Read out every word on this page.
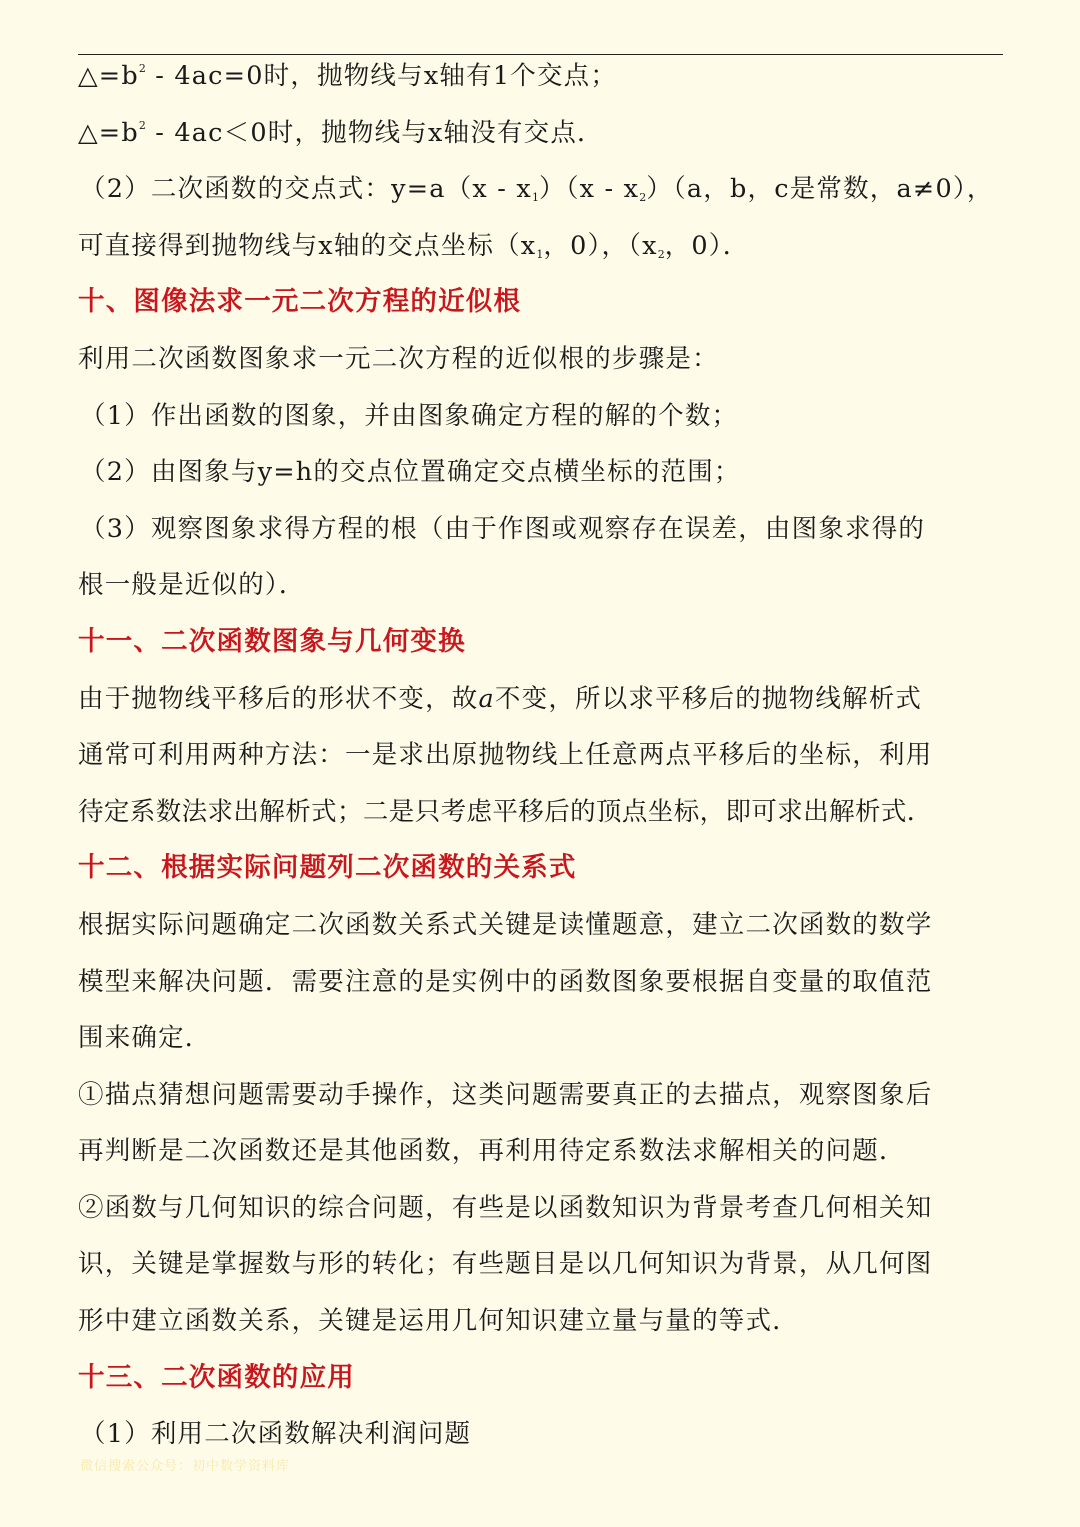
$\triangle=b^2 - 4ac=0$时，抛物线与x轴有1个交点；
$\triangle=b^2 - 4ac<0$时，抛物线与x轴没有交点．
（2）二次函数的交点式：$y=a(x - x_1)(x - x_2)(a$，b，c是常数，a≠0），
可直接得到抛物线与x轴的交点坐标（$x_1$，0），（$x_2$，0）．
十、图像法求一元二次方程的近似根
利用二次函数图象求一元二次方程的近似根的步骤是：
（1）作出函数的图象，并由图象确定方程的解的个数；
（2）由图象与y=h的交点位置确定交点横坐标的范围；
（3）观察图象求得方程的根（由于作图或观察存在误差，由图象求得的
根一般是近似的）．
十一、二次函数图象与几何变换
由于抛物线平移后的形状不变，故a不变，所以求平移后的抛物线解析式
通常可利用两种方法：一是求出原抛物线上任意两点平移后的坐标，利用
待定系数法求出解析式；二是只考虑平移后的顶点坐标，即可求出解析式．
十二、根据实际问题列二次函数的关系式
根据实际问题确定二次函数关系式关键是读懂题意，建立二次函数的数学
模型来解决问题．需要注意的是实例中的函数图象要根据自变量的取值范
围来确定．
①描点猜想问题需要动手操作，这类问题需要真正的去描点，观察图象后
再判断是二次函数还是其他函数，再利用待定系数法求解相关的问题．
②函数与几何知识的综合问题，有些是以函数知识为背景考查几何相关知
识，关键是掌握数与形的转化；有些题目是以几何知识为背景，从几何图
形中建立函数关系，关键是运用几何知识建立量与量的等式．
十三、二次函数的应用
（1）利用二次函数解决利润问题
微信搜索公众号：初中数学资料库
